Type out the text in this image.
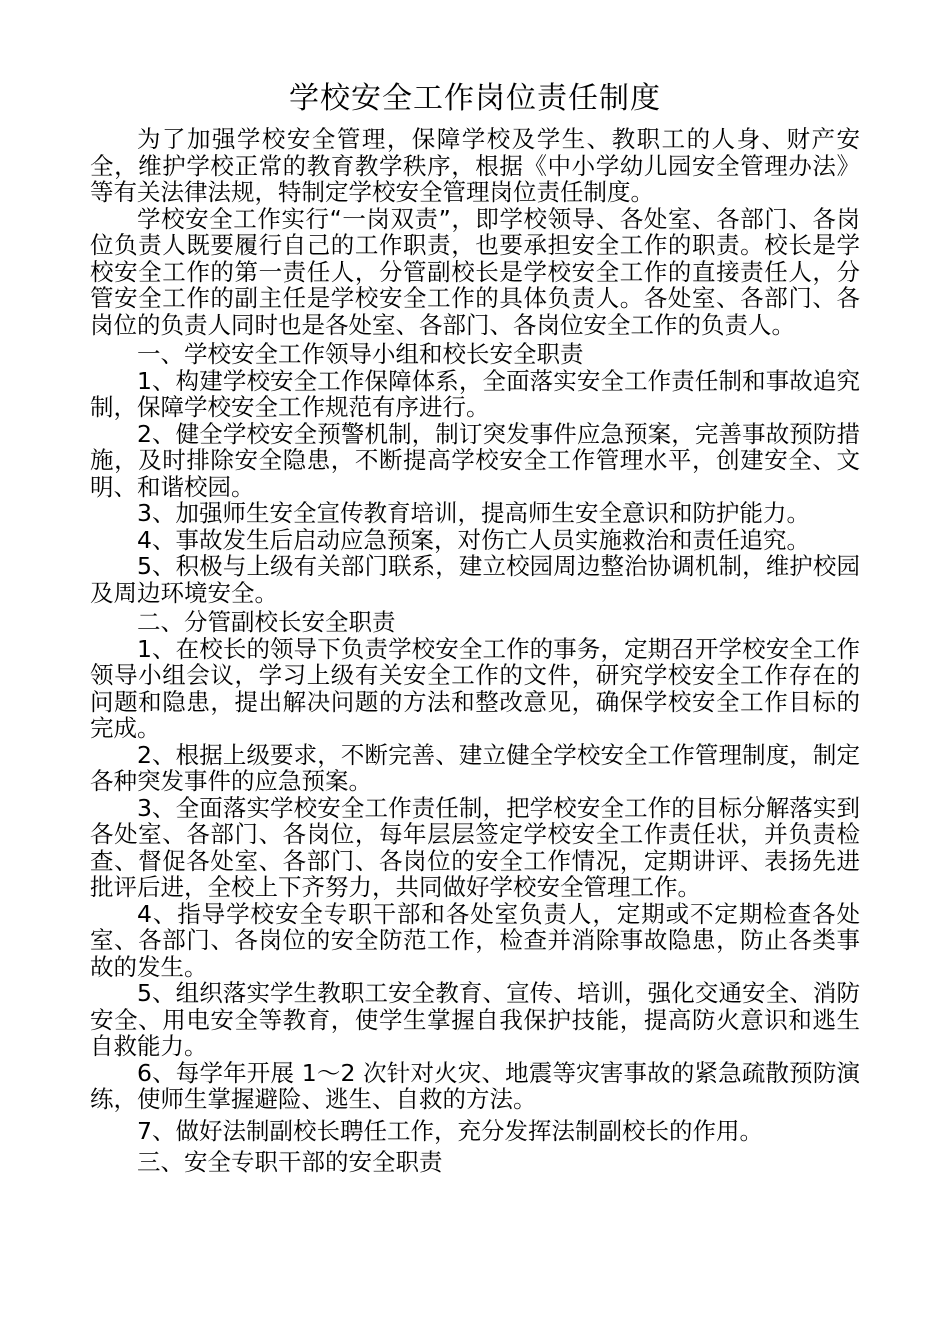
学校安全工作岗位责任制度

为了加强学校安全管理，保障学校及学生、教职工的人身、财产安全，维护学校正常的教育教学秩序，根据《中小学幼儿园安全管理办法》等有关法律法规，特制定学校安全管理岗位责任制度。

学校安全工作实行“一岗双责”，即学校领导、各处室、各部门、各岗位负责人既要履行自己的工作职责，也要承担安全工作的职责。校长是学校安全工作的第一责任人，分管副校长是学校安全工作的直接责任人，分管安全工作的副主任是学校安全工作的具体负责人。各处室、各部门、各岗位的负责人同时也是各处室、各部门、各岗位安全工作的负责人。

一、学校安全工作领导小组和校长安全职责

1、构建学校安全工作保障体系，全面落实安全工作责任制和事故追究制，保障学校安全工作规范有序进行。

2、健全学校安全预警机制，制订突发事件应急预案，完善事故预防措施，及时排除安全隐患，不断提高学校安全工作管理水平，创建安全、文明、和谐校园。

3、加强师生安全宣传教育培训，提高师生安全意识和防护能力。

4、事故发生后启动应急预案，对伤亡人员实施救治和责任追究。

5、积极与上级有关部门联系，建立校园周边整治协调机制，维护校园及周边环境安全。

二、分管副校长安全职责

1、在校长的领导下负责学校安全工作的事务，定期召开学校安全工作领导小组会议，学习上级有关安全工作的文件，研究学校安全工作存在的问题和隐患，提出解决问题的方法和整改意见，确保学校安全工作目标的完成。

2、根据上级要求，不断完善、建立健全学校安全工作管理制度，制定各种突发事件的应急预案。

3、全面落实学校安全工作责任制，把学校安全工作的目标分解落实到各处室、各部门、各岗位，每年层层签定学校安全工作责任状，并负责检查、督促各处室、各部门、各岗位的安全工作情况，定期讲评、表扬先进批评后进，全校上下齐努力，共同做好学校安全管理工作。

4、指导学校安全专职干部和各处室负责人，定期或不定期检查各处室、各部门、各岗位的安全防范工作，检查并消除事故隐患，防止各类事故的发生。

5、组织落实学生教职工安全教育、宣传、培训，强化交通安全、消防安全、用电安全等教育，使学生掌握自我保护技能，提高防火意识和逃生自救能力。

6、每学年开展 1～2 次针对火灾、地震等灾害事故的紧急疏散预防演练，使师生掌握避险、逃生、自救的方法。

7、做好法制副校长聘任工作，充分发挥法制副校长的作用。

三、安全专职干部的安全职责
